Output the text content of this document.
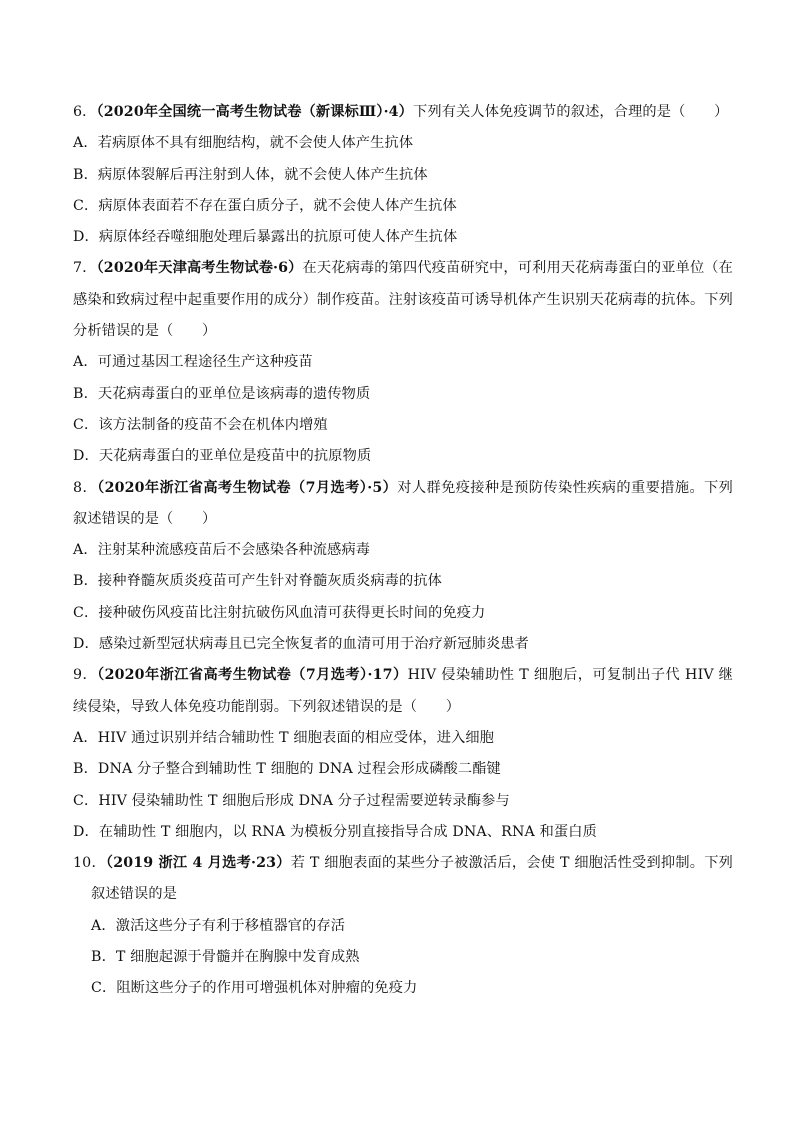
6．（2020年全国统一高考生物试卷（新课标Ⅲ）·4）下列有关人体免疫调节的叙述，合理的是（　　）
A．若病原体不具有细胞结构，就不会使人体产生抗体
B．病原体裂解后再注射到人体，就不会使人体产生抗体
C．病原体表面若不存在蛋白质分子，就不会使人体产生抗体
D．病原体经吞噬细胞处理后暴露出的抗原可使人体产生抗体
7．（2020年天津高考生物试卷·6）在天花病毒的第四代疫苗研究中，可利用天花病毒蛋白的亚单位（在感染和致病过程中起重要作用的成分）制作疫苗。注射该疫苗可诱导机体产生识别天花病毒的抗体。下列分析错误的是（　　）
A．可通过基因工程途径生产这种疫苗
B．天花病毒蛋白的亚单位是该病毒的遗传物质
C．该方法制备的疫苗不会在机体内增殖
D．天花病毒蛋白的亚单位是疫苗中的抗原物质
8．（2020年浙江省高考生物试卷（7月选考）·5）对人群免疫接种是预防传染性疾病的重要措施。下列叙述错误的是（　　）
A．注射某种流感疫苗后不会感染各种流感病毒
B．接种脊髓灰质炎疫苗可产生针对脊髓灰质炎病毒的抗体
C．接种破伤风疫苗比注射抗破伤风血清可获得更长时间的免疫力
D．感染过新型冠状病毒且已完全恢复者的血清可用于治疗新冠肺炎患者
9．（2020年浙江省高考生物试卷（7月选考）·17）HIV 侵染辅助性 T 细胞后，可复制出子代 HIV 继续侵染，导致人体免疫功能削弱。下列叙述错误的是（　　）
A．HIV 通过识别并结合辅助性 T 细胞表面的相应受体，进入细胞
B．DNA 分子整合到辅助性 T 细胞的 DNA 过程会形成磷酸二酯键
C．HIV 侵染辅助性 T 细胞后形成 DNA 分子过程需要逆转录酶参与
D．在辅助性 T 细胞内，以 RNA 为模板分别直接指导合成 DNA、RNA 和蛋白质
10．（2019 浙江 4 月选考·23）若 T 细胞表面的某些分子被激活后，会使 T 细胞活性受到抑制。下列叙述错误的是
A．激活这些分子有利于移植器官的存活
B．T 细胞起源于骨髓并在胸腺中发育成熟
C．阻断这些分子的作用可增强机体对肿瘤的免疫力
